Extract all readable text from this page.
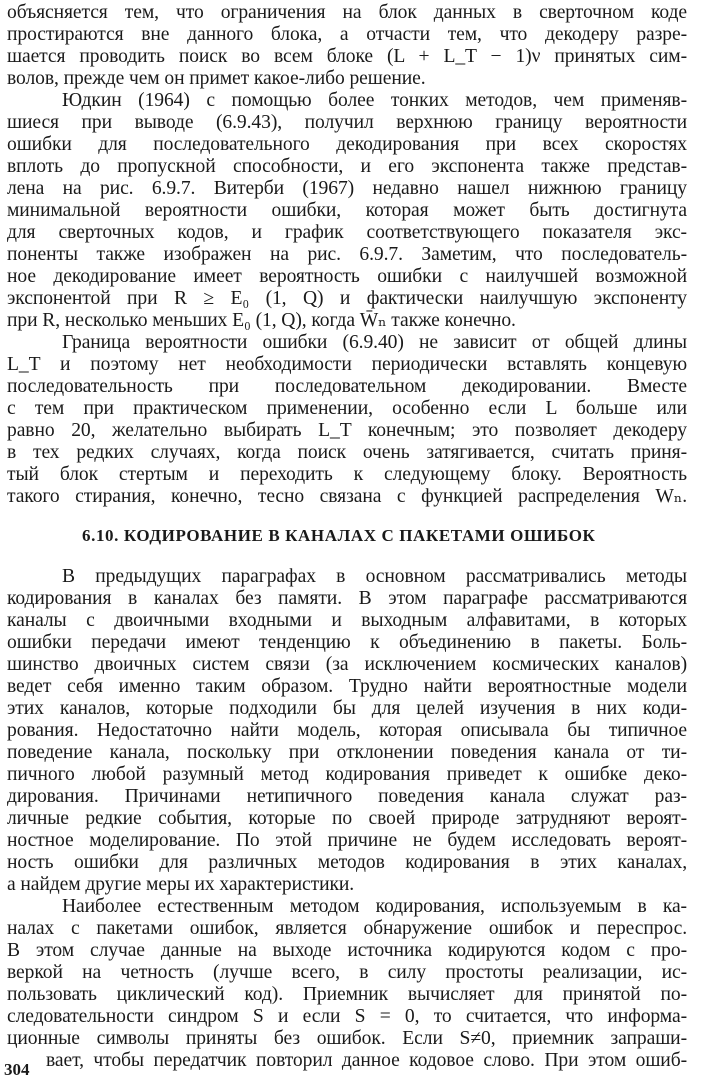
объясняется тем, что ограничения на блок данных в сверточном коде
простираются вне данного блока, а отчасти тем, что декодеру разре-
шается проводить поиск во всем блоке (L + L_T − 1)ν принятых сим-
волов, прежде чем он примет какое-либо решение.
Юдкин (1964) с помощью более тонких методов, чем применяв-
шиеся при выводе (6.9.43), получил верхнюю границу вероятности
ошибки для последовательного декодирования при всех скоростях
вплоть до пропускной способности, и его экспонента также представ-
лена на рис. 6.9.7. Витерби (1967) недавно нашел нижнюю границу
минимальной вероятности ошибки, которая может быть достигнута
для сверточных кодов, и график соответствующего показателя экс-
поненты также изображен на рис. 6.9.7. Заметим, что последователь-
ное декодирование имеет вероятность ошибки с наилучшей возможной
экспонентой при R ≥ E₀ (1, Q) и фактически наилучшую экспоненту
при R, несколько меньших E₀ (1, Q), когда W̄ₙ также конечно.
Граница вероятности ошибки (6.9.40) не зависит от общей длины
L_T и поэтому нет необходимости периодически вставлять концевую
последовательность при последовательном декодировании. Вместе
с тем при практическом применении, особенно если L больше или
равно 20, желательно выбирать L_T конечным; это позволяет декодеру
в тех редких случаях, когда поиск очень затягивается, считать приня-
тый блок стертым и переходить к следующему блоку. Вероятность
такого стирания, конечно, тесно связана с функцией распределения Wₙ.
6.10. КОДИРОВАНИЕ В КАНАЛАХ С ПАКЕТАМИ ОШИБОК
В предыдущих параграфах в основном рассматривались методы
кодирования в каналах без памяти. В этом параграфе рассматриваются
каналы с двоичными входными и выходным алфавитами, в которых
ошибки передачи имеют тенденцию к объединению в пакеты. Боль-
шинство двоичных систем связи (за исключением космических каналов)
ведет себя именно таким образом. Трудно найти вероятностные модели
этих каналов, которые подходили бы для целей изучения в них коди-
рования. Недостаточно найти модель, которая описывала бы типичное
поведение канала, поскольку при отклонении поведения канала от ти-
пичного любой разумный метод кодирования приведет к ошибке деко-
дирования. Причинами нетипичного поведения канала служат раз-
личные редкие события, которые по своей природе затрудняют вероят-
ностное моделирование. По этой причине не будем исследовать вероят-
ность ошибки для различных методов кодирования в этих каналах,
а найдем другие меры их характеристики.
Наиболее естественным методом кодирования, используемым в ка-
налах с пакетами ошибок, является обнаружение ошибок и переспрос.
В этом случае данные на выходе источника кодируются кодом с про-
веркой на четность (лучше всего, в силу простоты реализации, ис-
пользовать циклический код). Приемник вычисляет для принятой по-
следовательности синдром S и если S = 0, то считается, что информа-
ционные символы приняты без ошибок. Если S≠0, приемник запраши-
вает, чтобы передатчик повторил данное кодовое слово. При этом ошиб-
304
